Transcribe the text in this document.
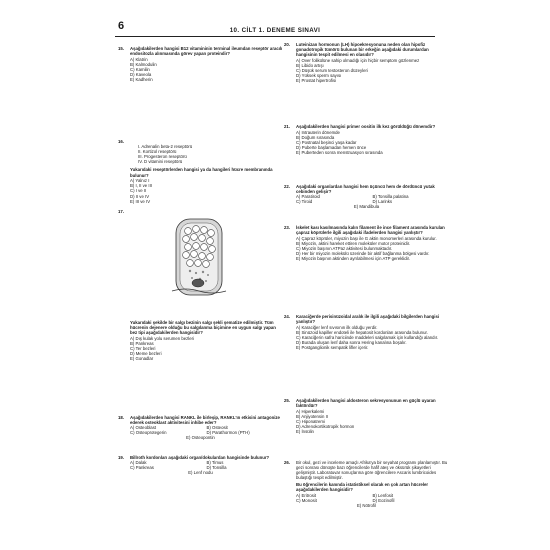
6	10. CİLT 1. DENEME SINAVI
15.	Aşağıdakilerden hangisi B12 vitamininin terminal ileumdan reseptör aracılı endositozla alınmasında görev yapan proteindir?
A) Klatrin
B) Kalmodulin
C) Kamilin
D) Kaveola
E) Kadherin
16.
I. Adrenalin beta-2 reseptörü
II. Kortizol reseptörü
III. Progesteron reseptörü
IV. D vitamini reseptörü
Yukarıdaki reseptörlerden hangisi ya da hangileri hücre membranında bulunur?
A) Yalnız I
B) I, II ve III
C) I ve II
D) II ve IV
E) III ve IV
17.
Yukarıdaki şekilde bir salgı bezinin salgı şekli şematize edilmiştir. Tüm hücrenin dejenere olduğu bu salgılanma biçimine en uygun salgı yapan bez tipi aşağıdakilerden hangisidir?
A) Dış kulak yolu serumen bezleri
B) Pankreas
C) Ter bezleri
D) Meme bezleri
E) Gonadlar
18.	Aşağıdakilerden hangisi RANKL ile birleşip, RANKL'ın etkisini antagonize ederek osteoklast aktivitesini inhibe eder?
A) Osteoblast	B) Osteosit
C) Osteoprotegerin	D) Parathormon (PTH)
E) Osteopontin
19.	Billroth kordonları aşağıdaki organ/dokulardan hangisinde bulunur?
A) Dalak	B) Timus
C) Pankreas	D) Tonsilla
E) Lenf nodu
20.	Luteinizan hormonun (LH) hipoekresyonuna neden olan hipofiz gonadotropik tümörü bulunan bir erkeğin aşağıdaki durumlardan hangisinin tespit edilmesi en olasıdır?
A) Over folikülüne sahip olmadığı için hiçbir semptom gözlenmez
B) Libido artışı
C) Düşük serum testosteron düzeyleri
D) Yüksek sperm sayısı
E) Prostat hipertrofisi
21.	Aşağıdakilerden hangisi primer oositin ilk kez görüldüğü dönemdir?
A) Intrauterin dönemde
B) Doğum sırasında
C) Postnatal beşinci yaşa kadar
D) Puberte başlamadan hemen önce
E) Puberteden sonra menstruasyon sırasında
22.	Aşağıdaki organlardan hangisi hem üçüncü hem de dördüncü yutak cebinden gelişir?
A) Paratiroid	B) Tonsilla palatina
C) Tiroid	D) Larinks
E) Mandibula
23.	İskelet kası kasılmasında kalın filament ile ince filament arasında kurulan çapraz köprülerle ilgili aşağıdaki ifadelerden hangisi yanlıştır?
A) Çapraz köprüler, miyozin başı ile G aktin monomerleri arasında kurulur.
B) Miyozin, aktini hareket ettiren moleküler motor proteinidir.
C) Miyozin başının ATPaz aktivitesi bulunmaktadır.
D) Her bir miyozin molekülü üzerinde bir aktif bağlanma bölgesi vardır.
E) Miyozin başının aktinden ayrılabilmesi için ATP gereklidir.
24.	Karaciğerde perisinüzoidal aralık ile ilgili aşağıdaki bilgilerden hangisi yanlıştır?
A) Karaciğer lenf sıvısının ilk olduğu yerdir.
B) Sinüzoid kapiller endoteli ile hepatosit kordonları arasında bulunur.
C) Karaciğerin safra hariciinde maddeleri salgılamak için kullandığı alandır.
D) Burada oluşan lenf daha sonra Hering kanalına boşalır.
E) Postganglionik sempatik lifler içerir.
25.	Aşağıdakilerden hangisi aldosteron sekresyonunun en güçlü uyaran faktördür?
A) Hiperkalemi
B) Anjiyotensin II
C) Hiponatremi
D) Adrenokortikotropik hormon
E) İnsülin
26.	Bir okul, gezi ve inceleme amaçlı Afrika'ya bir seyahat programı planlamıştır. Bu gezi sonrası dönüşte bazı öğrencilerde hafif ateş ve öksürük şikayetleri gelişmiştir. Laboratuvar sonuçlarına göre öğrencilere Ascaris lumbricoides bulaştığı tespit edilmiştir.
Bu öğrencilerin kanında istatistiksel olarak en çok artan hücreler aşağıdakilerden hangisidir?
A) Eritrosit	B) Lenfosit
C) Monosit	D) Eozinofil
E) Nötrofil
